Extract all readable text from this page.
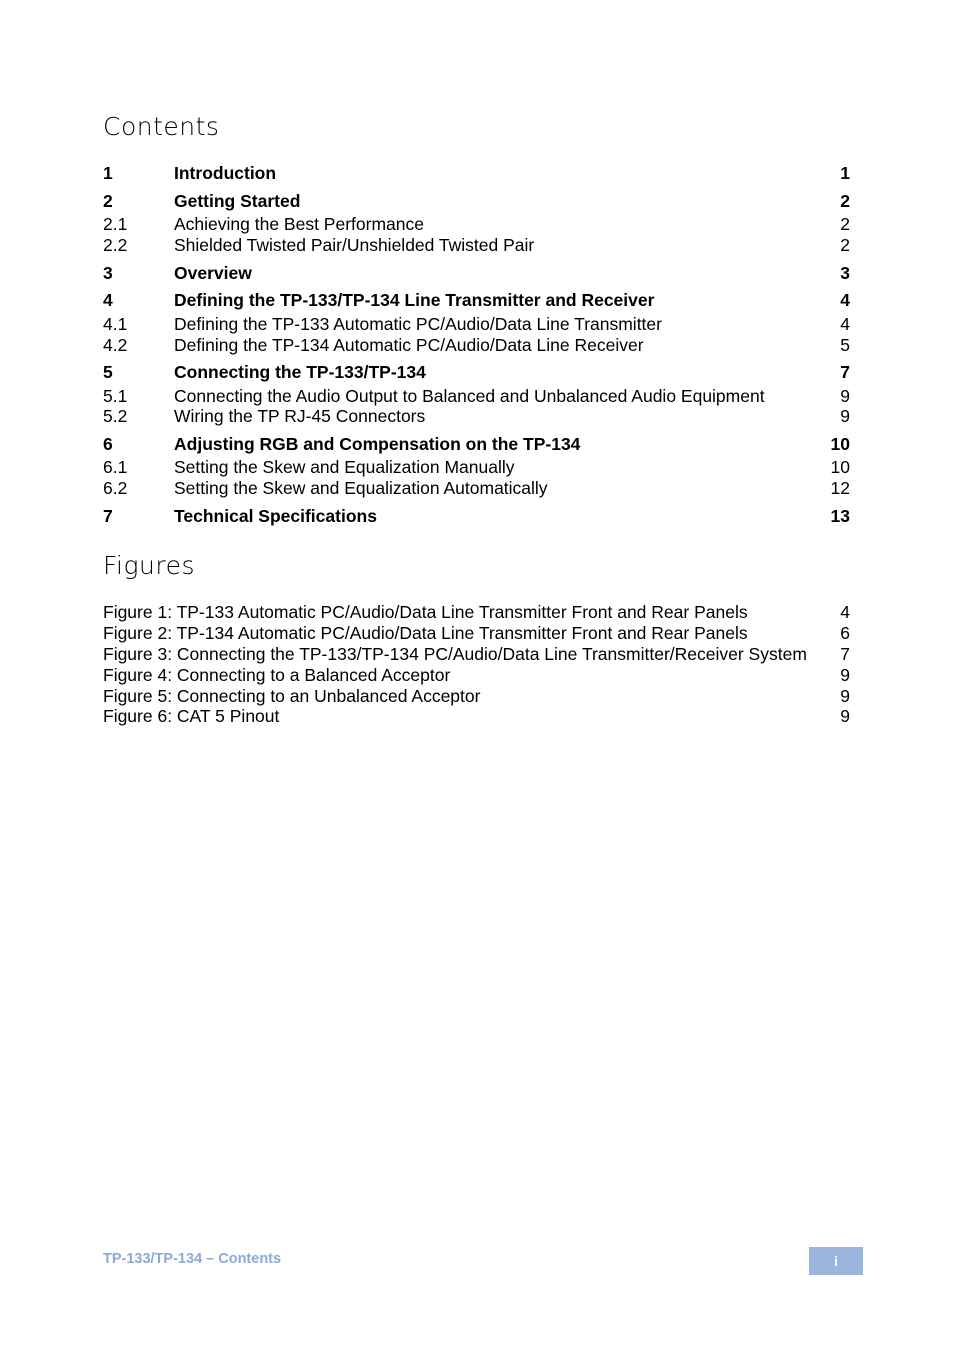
Contents
1	Introduction	1
2	Getting Started	2
2.1	Achieving the Best Performance	2
2.2	Shielded Twisted Pair/Unshielded Twisted Pair	2
3	Overview	3
4	Defining the TP-133/TP-134 Line Transmitter and Receiver	4
4.1	Defining the TP-133 Automatic PC/Audio/Data Line Transmitter	4
4.2	Defining the TP-134 Automatic PC/Audio/Data Line Receiver	5
5	Connecting the TP-133/TP-134	7
5.1	Connecting the Audio Output to Balanced and Unbalanced Audio Equipment	9
5.2	Wiring the TP RJ-45 Connectors	9
6	Adjusting RGB and Compensation on the TP-134	10
6.1	Setting the Skew and Equalization Manually	10
6.2	Setting the Skew and Equalization Automatically	12
7	Technical Specifications	13
Figures
Figure 1: TP-133 Automatic PC/Audio/Data Line Transmitter Front and Rear Panels	4
Figure 2: TP-134 Automatic PC/Audio/Data Line Transmitter Front and Rear Panels	6
Figure 3: Connecting the TP-133/TP-134 PC/Audio/Data Line Transmitter/Receiver System 7
Figure 4: Connecting to a Balanced Acceptor	9
Figure 5: Connecting to an Unbalanced Acceptor	9
Figure 6: CAT 5 Pinout	9
TP-133/TP-134 – Contents	i
